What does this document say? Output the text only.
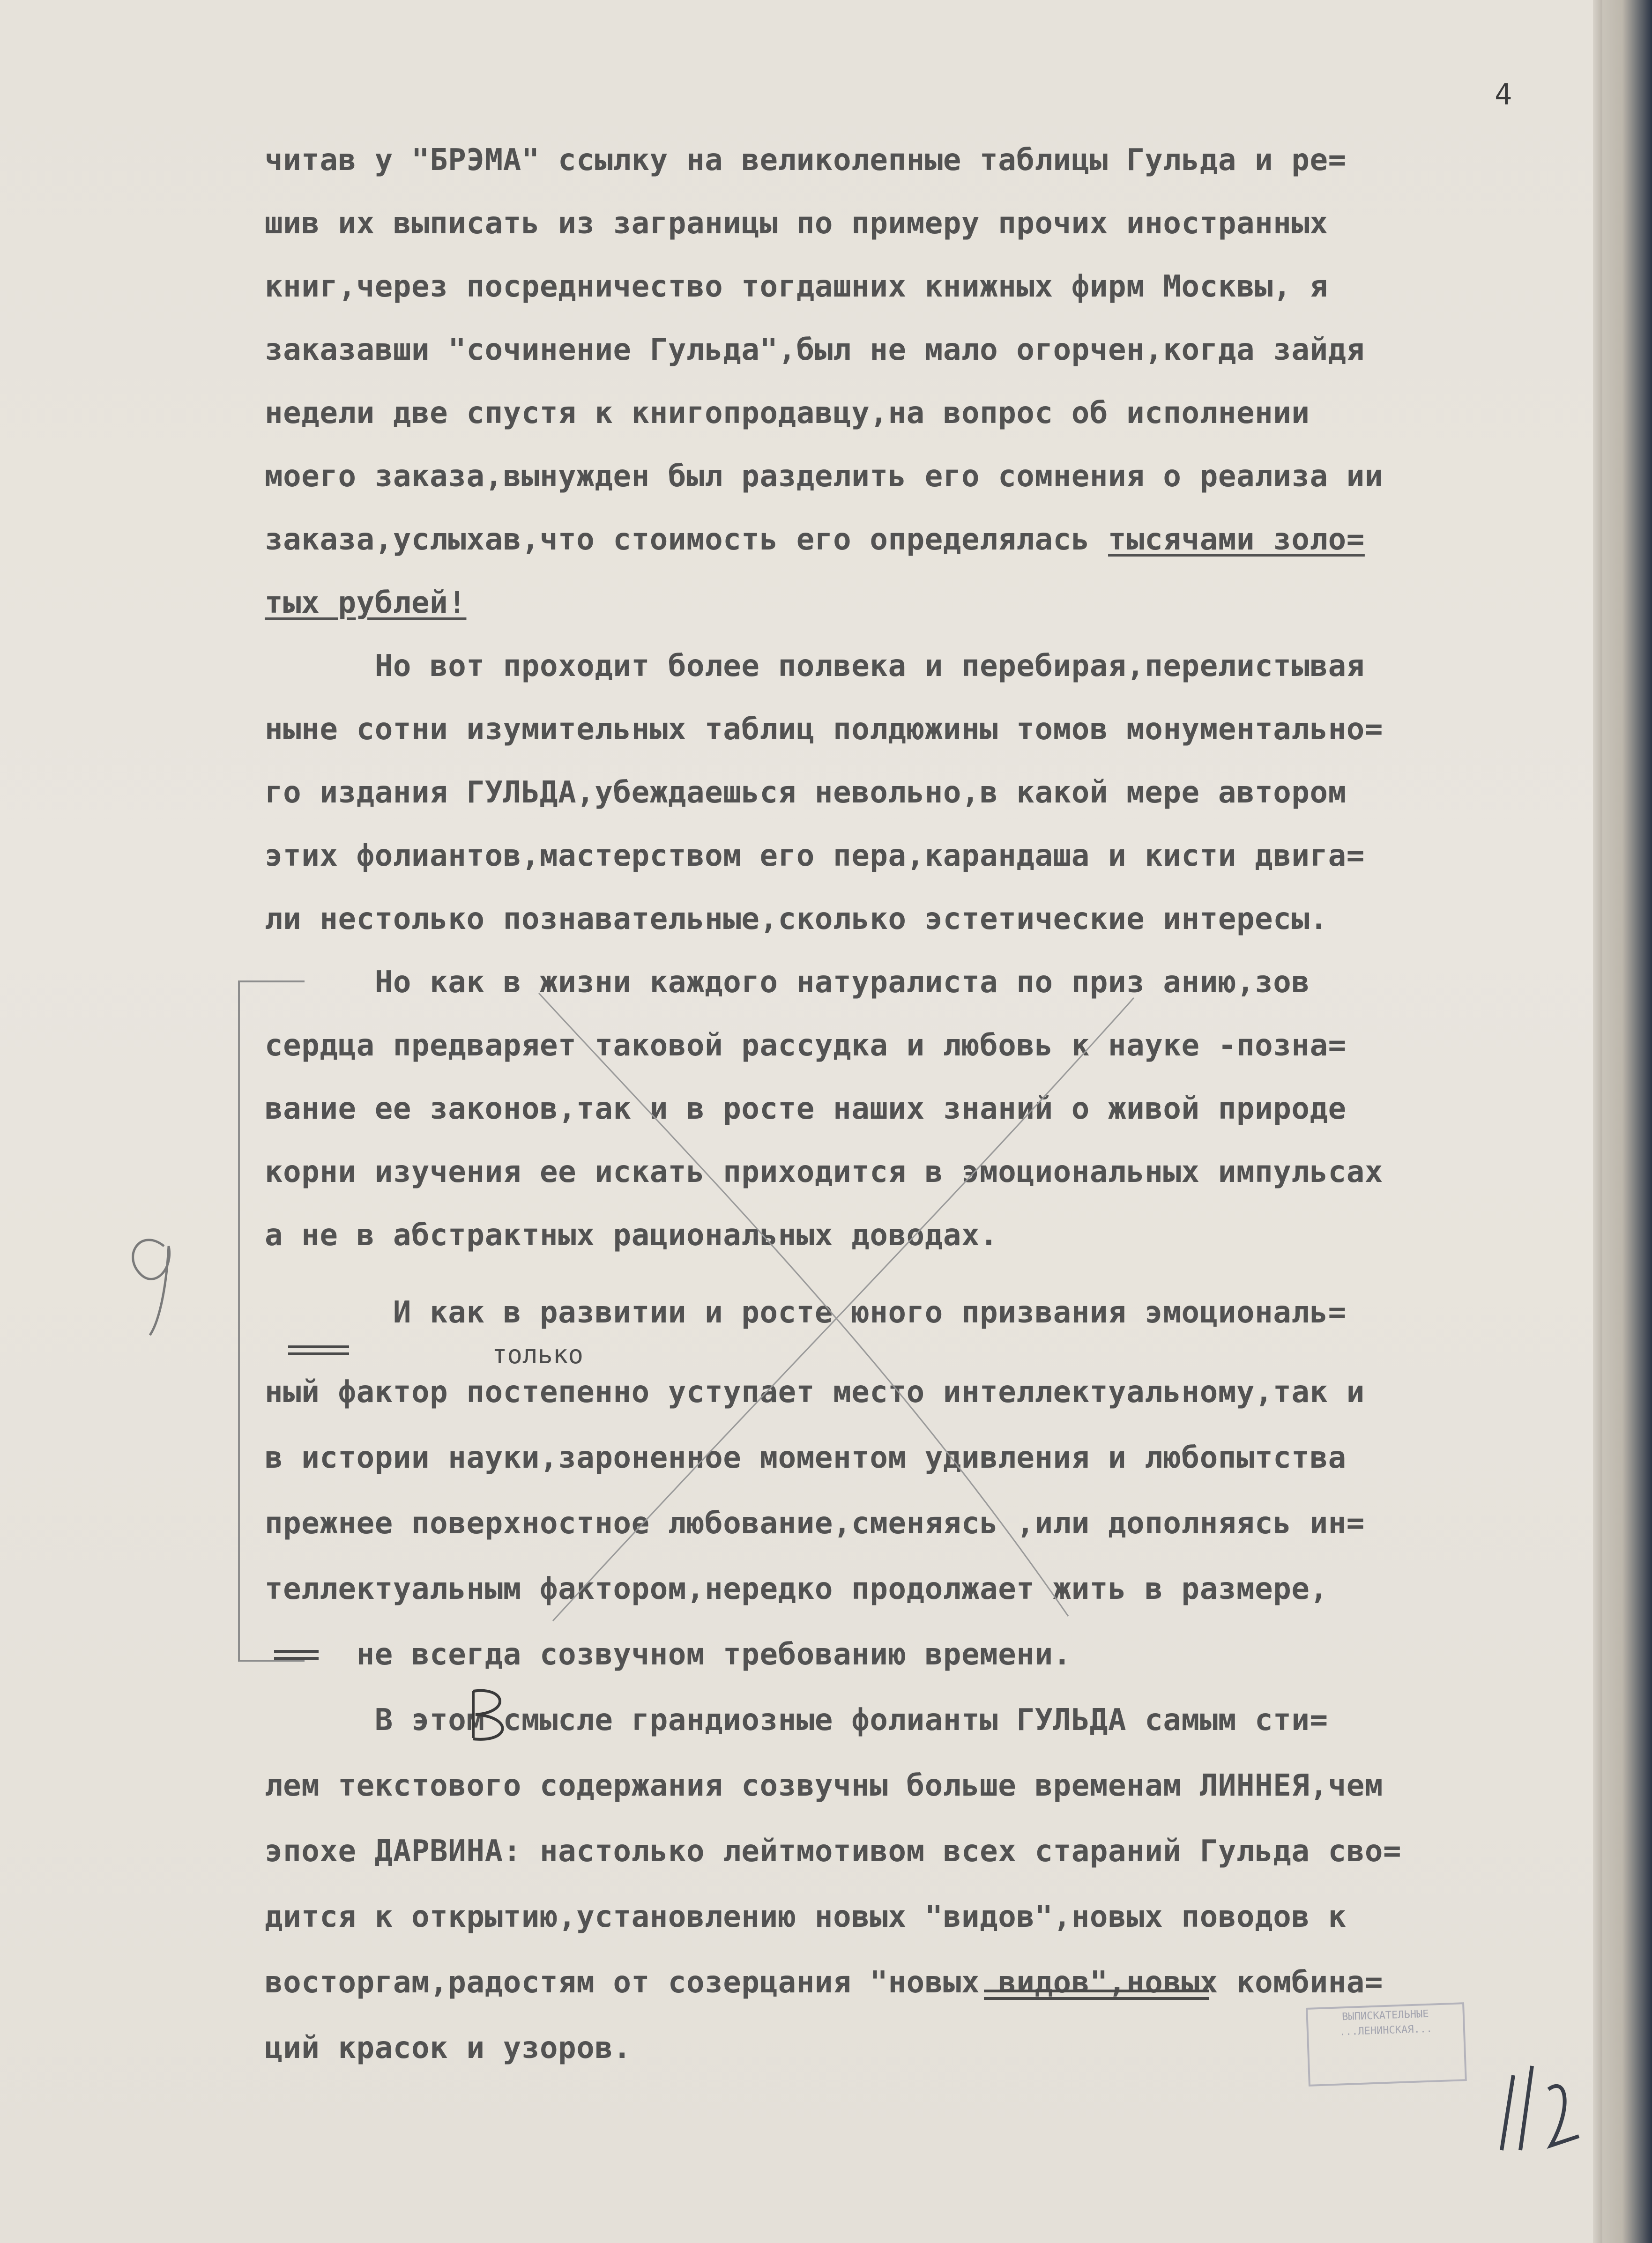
4
читав у "БРЭМА" ссылку на великолепные таблицы Гульда и ре=
шив их выписать из заграницы по примеру прочих иностранных
книг,через посредничество тогдашних книжных фирм Москвы, я
заказавши "сочинение Гульда",был не мало огорчен,когда зайдя
недели две спустя к книгопродавцу,на вопрос об исполнении
моего заказа,вынужден был разделить его сомнения о реализа ии
заказа,услыхав,что стоимость его определялась тысячами золо=
тых рублей!
Но вот проходит более полвека и перебирая,перелистывая
ныне сотни изумительных таблиц полдюжины томов монументально=
го издания ГУЛЬДА,убеждаешься невольно,в какой мере автором
этих фолиантов,мастерством его пера,карандаша и кисти двига=
ли нестолько познавательные,сколько эстетические интересы.
Но как в жизни каждого натуралиста по приз анию,зов
сердца предваряет таковой рассудка и любовь к науке -позна=
вание ее законов,так и в росте наших знаний о живой природе
корни изучения ее искать приходится в эмоциональных импульсах
а не в абстрактных рациональных доводах.
И как в развитии и росте юного призвания эмоциональ=
только
ный фактор постепенно уступает место интеллектуальному,так и
в истории науки,зароненное моментом удивления и любопытства
прежнее поверхностное любование,сменяясь ,или дополняясь ин=
теллектуальным фактором,нередко продолжает жить в размере,
не всегда созвучном требованию времени.
В этом смысле грандиозные фолианты ГУЛЬДА самым сти=
лем текстового содержания созвучны больше временам ЛИННЕЯ,чем
эпохе ДАРВИНА: настолько лейтмотивом всех стараний Гульда сво=
дится к открытию,установлению новых "видов",новых поводов к
восторгам,радостям от созерцания "новых видов",новых комбина=
ций красок и узоров.
ВЫПИСКАТЕЛЬНЫЕ
...ЛЕНИНСКАЯ...
